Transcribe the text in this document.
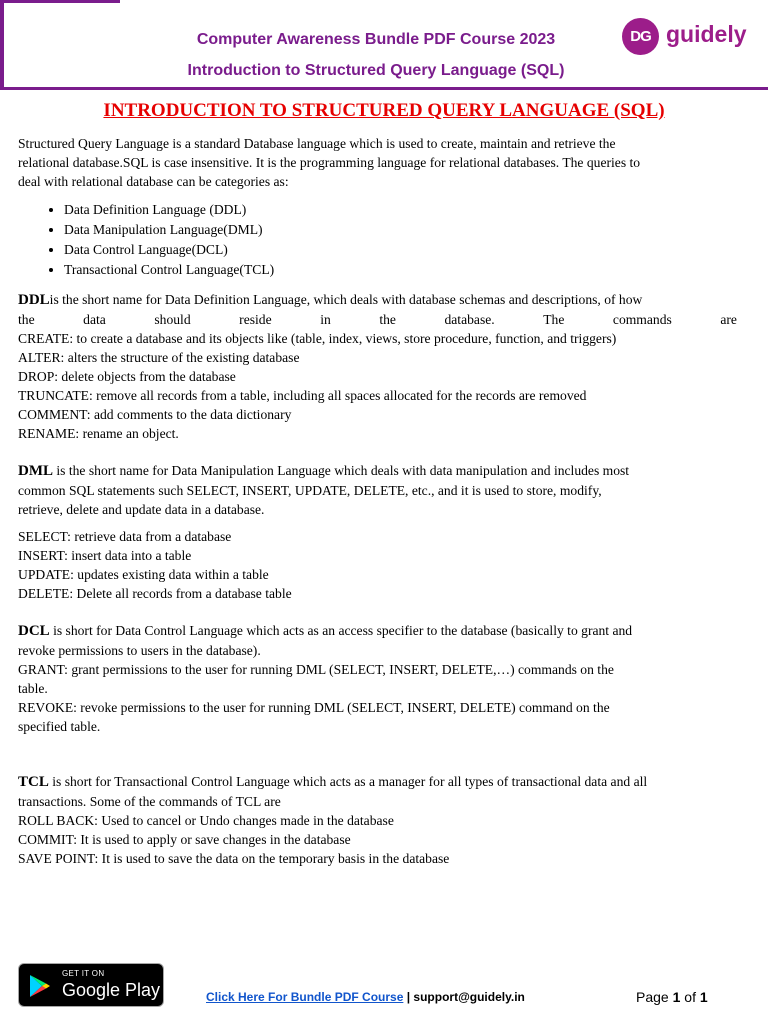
Computer Awareness Bundle PDF Course 2023
Introduction to Structured Query Language (SQL)
DG guidely
INTRODUCTION TO STRUCTURED QUERY LANGUAGE (SQL)

Structured Query Language is a standard Database language which is used to create, maintain and retrieve the
relational database.SQL is case insensitive. It is the programming language for relational databases. The queries to
deal with relational database can be categories as:

• Data Definition Language (DDL)
• Data Manipulation Language(DML)
• Data Control Language(DCL)
• Transactional Control Language(TCL)
DDLis the short name for Data Definition Language, which deals with database schemas and descriptions, of how
the	data	should	reside	in	the	database.	The	commands	are
CREATE: to create a database and its objects like (table, index, views, store procedure, function, and triggers)
ALTER: alters the structure of the existing database
DROP: delete objects from the database
TRUNCATE: remove all records from a table, including all spaces allocated for the records are removed
COMMENT: add comments to the data dictionary
RENAME: rename an object.
DML is the short name for Data Manipulation Language which deals with data manipulation and includes most
common SQL statements such SELECT, INSERT, UPDATE, DELETE, etc., and it is used to store, modify,
retrieve, delete and update data in a database.
SELECT: retrieve data from a database
INSERT: insert data into a table
UPDATE: updates existing data within a table
DELETE: Delete all records from a database table
DCL is short for Data Control Language which acts as an access specifier to the database (basically to grant and
revoke permissions to users in the database).
GRANT: grant permissions to the user for running DML (SELECT, INSERT, DELETE,…) commands on the
table.
REVOKE: revoke permissions to the user for running DML (SELECT, INSERT, DELETE) command on the
specified table.
TCL is short for Transactional Control Language which acts as a manager for all types of transactional data and all
transactions. Some of the commands of TCL are
ROLL BACK: Used to cancel or Undo changes made in the database
COMMIT: It is used to apply or save changes in the database
SAVE POINT: It is used to save the data on the temporary basis in the database
GET IT ON
Google Play	Click Here For Bundle PDF Course | support@guidely.in	Page 1 of 1
